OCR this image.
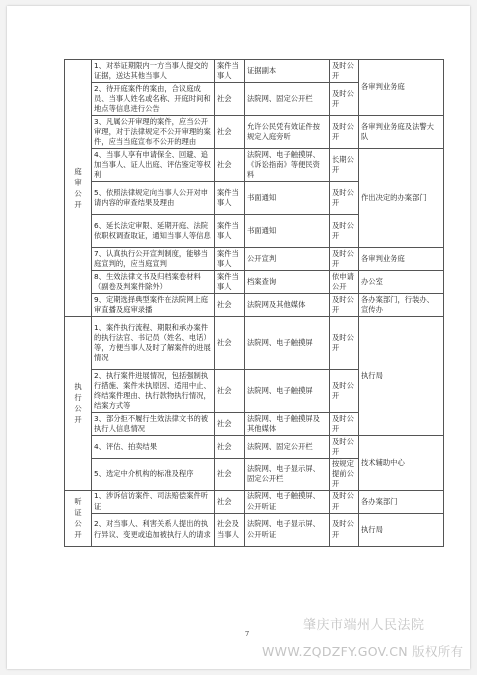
庭审公开	1、对举证期限内一方当事人提交的证据，送达其他当事人	案件当事人	证据副本	及时公开	各审判业务庭
	2、待开庭案件的案由，合议庭成员、当事人姓名或名称、开庭时间和地点等信息进行公告	社会	法院网、固定公开栏	及时公开	
	3、凡属公开审理的案件，应当公开审理，对于法律规定不公开审理的案件，应当当庭宣布不公开的理由	社会	允许公民凭有效证件按规定入庭旁听	及时公开	各审判业务庭及法警大队
	4、当事人享有申请保全、回避、追加当事人、证人出庭、评估鉴定等权利	社会	法院网、电子触摸屏、《诉讼指南》等便民资料	长期公开	作出决定的办案部门
	5、依照法律规定向当事人公开对申请内容的审查结果及理由	案件当事人	书面通知	及时公开	
	6、延长法定审限、延期开庭、法院依职权调查取证，通知当事人等信息	案件当事人	书面通知	及时公开	
	7、认真执行公开宣判制度，能够当庭宣判的，应当庭宣判	案件当事人	公开宣判	及时公开	各审判业务庭
	8、生效法律文书及归档案卷材料（副卷及判案件除外）	案件当事人	档案查询	依申请公开	办公室
	9、定期选择典型案件在法院网上庭审直播及庭审录播	社会	法院网及其他媒体	及时公开	各办案部门，行装办、宣传办

执行公开	1、案件执行流程、期限和承办案件的执行法官、书记员（姓名、电话）等，方便当事人及时了解案件的进展情况	社会	法院网、电子触摸屏	及时公开	执行局
	2、执行案件进展情况，包括强制执行措施、案件未执原因、适用中止、终结案件理由、执行款物执行情况，结案方式等	社会	法院网、电子触摸屏	及时公开	
	3、部分拒不履行生效法律文书的被执行人信息情况	社会	法院网、电子触摸屏及其他媒体	及时公开	
	4、评估、拍卖结果	社会	法院网、固定公开栏	及时公开	技术辅助中心
	5、选定中介机构的标准及程序	社会	法院网、电子显示屏、固定公开栏	按规定提前公开	

听证公开	1、涉诉信访案件、司法赔偿案件听证	社会	法院网、电子触摸屏、公开听证	及时公开	各办案部门
	2、对当事人、利害关系人提出的执行异议、变更或追加被执行人的请求	社会及当事人	法院网、电子显示屏、公开听证	及时公开	执行局
7
肇庆市端州人民法院
WWW.ZQDZFY.GOV.CN 版权所有
